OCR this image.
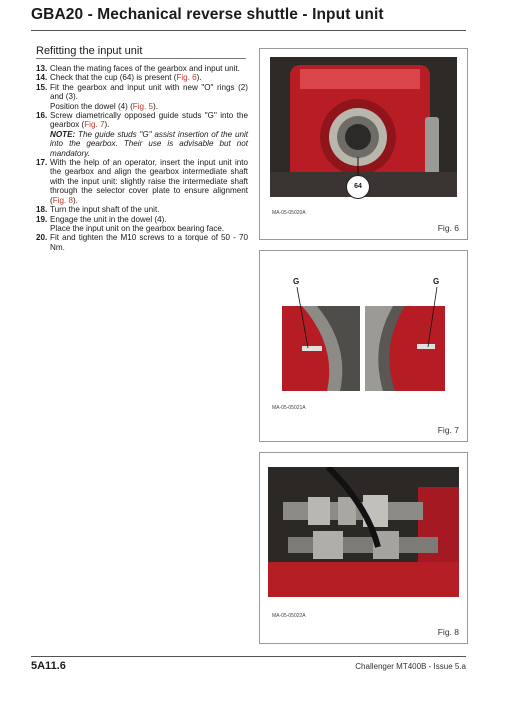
GBA20 - Mechanical reverse shuttle - Input unit
Refitting the input unit
13. Clean the mating faces of the gearbox and input unit.
14. Check that the cup (64) is present (Fig. 6).
15. Fit the gearbox and input unit with new "O" rings (2) and (3).
Position the dowel (4) (Fig. 5).
16. Screw diametrically opposed guide studs "G" into the gearbox (Fig. 7).
NOTE: The guide studs "G" assist insertion of the unit into the gearbox. Their use is advisable but not mandatory.
17. With the help of an operator, insert the input unit into the gearbox and align the gearbox intermediate shaft with the input unit: slightly raise the intermediate shaft through the selector cover plate to ensure alignment (Fig. 8).
18. Turn the input shaft of the unit.
19. Engage the unit in the dowel (4).
Place the input unit on the gearbox bearing face.
20. Fit and tighten the M10 screws to a torque of 50 - 70 Nm.
64
MA-05-05020A
Fig. 6
G	G
MA-05-05021A
Fig. 7
MA-05-05022A
Fig. 8
5A11.6	Challenger MT400B - Issue 5.a
